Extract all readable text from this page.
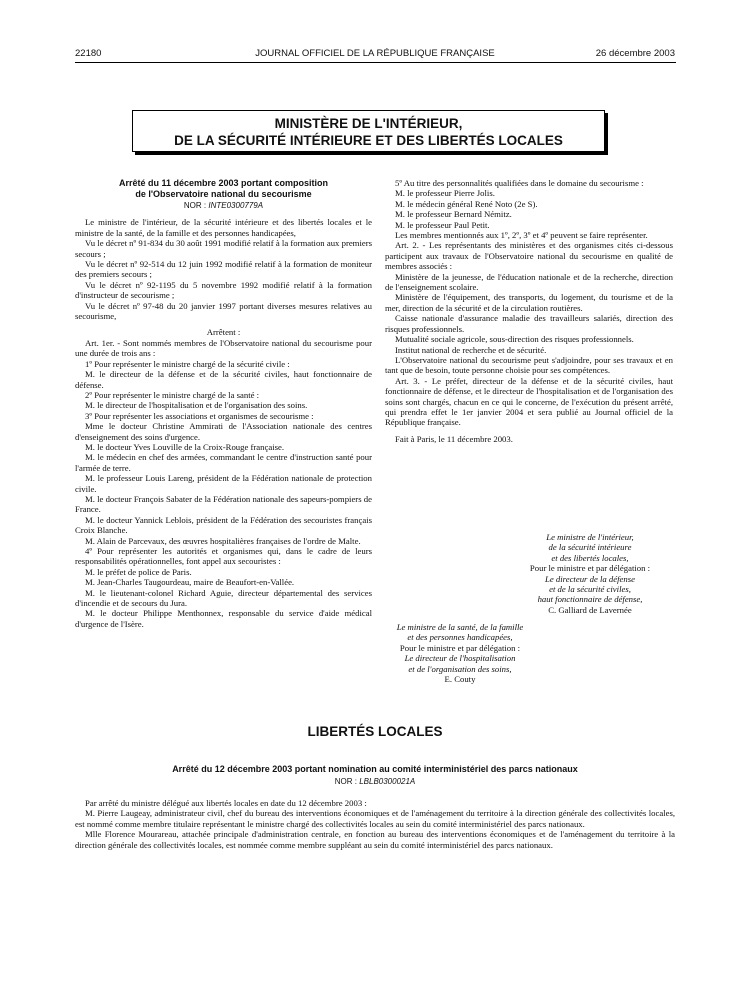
22180	JOURNAL OFFICIEL DE LA RÉPUBLIQUE FRANÇAISE	26 décembre 2003
MINISTÈRE DE L'INTÉRIEUR,
DE LA SÉCURITÉ INTÉRIEURE ET DES LIBERTÉS LOCALES

Arrêté du 11 décembre 2003 portant composition

de l'Observatoire national du secourisme

NOR : INTE0300779A

Le ministre de l'intérieur, de la sécurité intérieure et des libertés locales et le ministre de la santé, de la famille et des personnes handicapées,

Vu le décret nº 91-834 du 30 août 1991 modifié relatif à la formation aux premiers secours ;

Vu le décret nº 92-514 du 12 juin 1992 modifié relatif à la formation de moniteur des premiers secours ;

Vu le décret nº 92-1195 du 5 novembre 1992 modifié relatif à la formation d'instructeur de secourisme ;

Vu le décret nº 97-48 du 20 janvier 1997 portant diverses mesures relatives au secourisme,

Arrêtent :

Art. 1er. - Sont nommés membres de l'Observatoire national du secourisme pour une durée de trois ans :

1º Pour représenter le ministre chargé de la sécurité civile :

M. le directeur de la défense et de la sécurité civiles, haut fonctionnaire de défense.

2º Pour représenter le ministre chargé de la santé :

M. le directeur de l'hospitalisation et de l'organisation des soins.

3º Pour représenter les associations et organismes de secourisme :

Mme le docteur Christine Ammirati de l'Association nationale des centres d'enseignement des soins d'urgence.

M. le docteur Yves Louville de la Croix-Rouge française.

M. le médecin en chef des armées, commandant le centre d'instruction santé pour l'armée de terre.

M. le professeur Louis Lareng, président de la Fédération nationale de protection civile.

M. le docteur François Sabater de la Fédération nationale des sapeurs-pompiers de France.

M. le docteur Yannick Leblois, président de la Fédération des secouristes français Croix Blanche.

M. Alain de Parcevaux, des œuvres hospitalières françaises de l'ordre de Malte.

4º Pour représenter les autorités et organismes qui, dans le cadre de leurs responsabilités opérationnelles, font appel aux secouristes :

M. le préfet de police de Paris.

M. Jean-Charles Taugourdeau, maire de Beaufort-en-Vallée.

M. le lieutenant-colonel Richard Aguie, directeur départemental des services d'incendie et de secours du Jura.

M. le docteur Philippe Menthonnex, responsable du service d'aide médical d'urgence de l'Isère.

5º Au titre des personnalités qualifiées dans le domaine du secourisme :

M. le professeur Pierre Jolis.

M. le médecin général René Noto (2e S).

M. le professeur Bernard Némitz.

M. le professeur Paul Petit.

Les membres mentionnés aux 1º, 2º, 3º et 4º peuvent se faire représenter.

Art. 2. - Les représentants des ministères et des organismes cités ci-dessous participent aux travaux de l'Observatoire national du secourisme en qualité de membres associés :

Ministère de la jeunesse, de l'éducation nationale et de la recherche, direction de l'enseignement scolaire.

Ministère de l'équipement, des transports, du logement, du tourisme et de la mer, direction de la sécurité et de la circulation routières.

Caisse nationale d'assurance maladie des travailleurs salariés, direction des risques professionnels.

Mutualité sociale agricole, sous-direction des risques professionnels.

Institut national de recherche et de sécurité.

L'Observatoire national du secourisme peut s'adjoindre, pour ses travaux et en tant que de besoin, toute personne choisie pour ses compétences.

Art. 3. - Le préfet, directeur de la défense et de la sécurité civiles, haut fonctionnaire de défense, et le directeur de l'hospitalisation et de l'organisation des soins sont chargés, chacun en ce qui le concerne, de l'exécution du présent arrêté, qui prendra effet le 1er janvier 2004 et sera publié au Journal officiel de la République française.

Fait à Paris, le 11 décembre 2003.

Le ministre de l'intérieur,
de la sécurité intérieure
et des libertés locales,
Pour le ministre et par délégation :
Le directeur de la défense
et de la sécurité civiles,
haut fonctionnaire de défense,
C. Galliard de Lavernée
Le ministre de la santé, de la famille
et des personnes handicapées,
Pour le ministre et par délégation :
Le directeur de l'hospitalisation
et de l'organisation des soins,
E. Couty
LIBERTÉS LOCALES
Arrêté du 12 décembre 2003 portant nomination au comité interministériel des parcs nationaux
NOR : LBLB0300021A

Par arrêté du ministre délégué aux libertés locales en date du 12 décembre 2003 :

M. Pierre Laugeay, administrateur civil, chef du bureau des interventions économiques et de l'aménagement du territoire à la direction générale des collectivités locales, est nommé comme membre titulaire représentant le ministre chargé des collectivités locales au sein du comité interministériel des parcs nationaux.

Mlle Florence Mourareau, attachée principale d'administration centrale, en fonction au bureau des interventions économiques et de l'aménagement du territoire à la direction générale des collectivités locales, est nommée comme membre suppléant au sein du comité interministériel des parcs nationaux.
